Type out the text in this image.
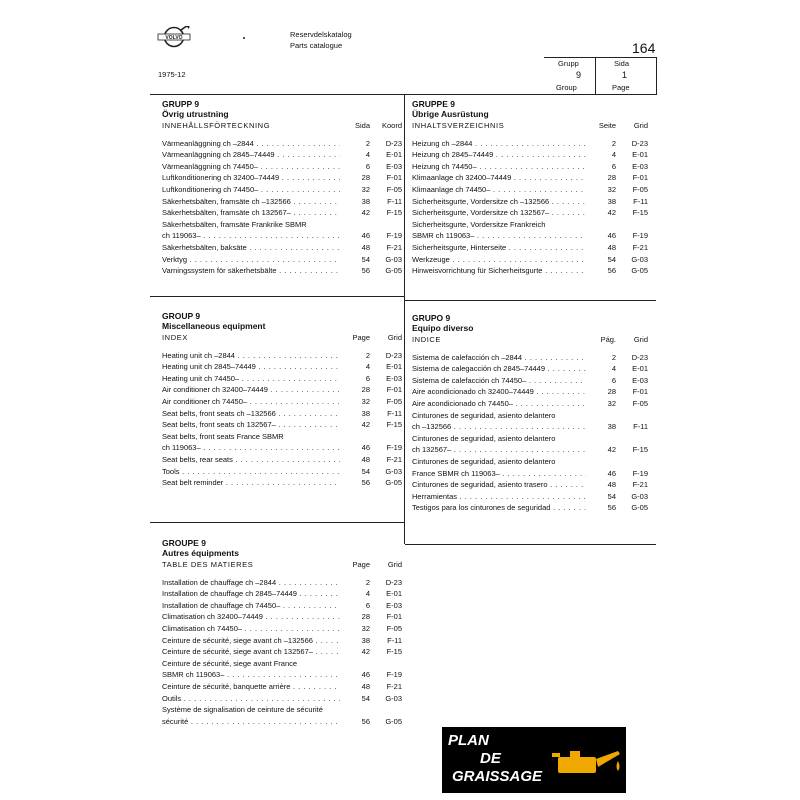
VOLVO	Reservdelskatalog
Parts catalogue	164
1975-12
Grupp	Sida
9	1
Group	Page
GRUPP 9
Övrig utrustning
INNEHÅLLSFÖRTECKNING	Sida	Koord
Värmeanläggning ch –2844 . . .	2	D-23
Värmeanläggning ch 2845–74449 . . .	4	E-01
Värmeanläggning ch 74450– . . .	6	E-03
Luftkonditionering ch 32400–74449 . . .	28	F-01
Luftkonditionering ch 74450– . . .	32	F-05
Säkerhetsbälten, framsäte ch –132566 . . .	38	F-11
Säkerhetsbälten, framsäte ch 132567– . . .	42	F-15
Säkerhetsbälten, framsäte Frankrike SBMR
ch 119063– . . .	46	F-19
Säkerhetsbälten, baksäte . . .	48	F-21
Verktyg . . .	54	G-03
Varningssystem för säkerhetsbälte . . .	56	G-05
GRUPPE 9
Übrige Ausrüstung
INHALTSVERZEICHNIS	Seite	Grid
Heizung ch –2844 . . .	2	D-23
Heizung ch 2845–74449 . . .	4	E-01
Heizung ch 74450– . . .	6	E-03
Klimaanlage ch 32400–74449 . . .	28	F-01
Klimaanlage ch 74450– . . .	32	F-05
Sicherheitsgurte, Vordersitze ch –132566 . . .	38	F-11
Sicherheitsgurte, Vordersitze ch 132567– . . .	42	F-15
Sicherheitsgurte, Vordersitze Frankreich
SBMR ch 119063– . . .	46	F-19
Sicherheitsgurte, Hinterseite . . .	48	F-21
Werkzeuge . . .	54	G-03
Hinweisvorrichtung für Sicherheitsgurte . . .	56	G-05
GROUP 9
Miscellaneous equipment
INDEX	Page	Grid
Heating unit ch –2844 . . .	2	D-23
Heating unit ch 2845–74449 . . .	4	E-01
Heating unit ch 74450– . . .	6	E-03
Air conditioner ch 32400–74449 . . .	28	F-01
Air conditioner ch 74450– . . .	32	F-05
Seat belts, front seats ch –132566 . . .	38	F-11
Seat belts, front seats ch 132567– . . .	42	F-15
Seat belts, front seats France SBMR
ch 119063– . . .	46	F-19
Seat belts, rear seats . . .	48	F-21
Tools . . .	54	G-03
Seat belt reminder . . .	56	G-05
GRUPO 9
Equipo diverso
INDICE	Pág.	Grid
Sistema de calefacción ch –2844 . . .	2	D-23
Sistema de calegacción ch 2845–74449 . . .	4	E-01
Sistema de calefacción ch 74450– . . .	6	E-03
Aire acondicionado ch 32400–74449 . . .	28	F-01
Aire acondicionado ch 74450– . . .	32	F-05
Cinturones de seguridad, asiento delantero
ch –132566 . . .	38	F-11
Cinturones de seguridad, asiento delantero
ch 132567– . . .	42	F-15
Cinturones de seguridad, asiento delantero
France SBMR ch 119063– . . .	46	F-19
Cinturones de seguridad, asiento trasero . . .	48	F-21
Herramientas . . .	54	G-03
Testigos para los cinturones de seguridad . . .	56	G-05
GROUPE 9
Autres équipments
TABLE DES MATIERES	Page	Grid
Installation de chauffage ch –2844 . . .	2	D-23
Installation de chauffage ch 2845–74449 . . .	4	E-01
Installation de chauffage ch 74450– . . .	6	E-03
Climatisation ch 32400–74449 . . .	28	F-01
Climatisation ch 74450– . . .	32	F-05
Ceinture de sécurité, siege avant ch –132566 . . .	38	F-11
Ceinture de sécurité, siege avant ch 132567– . . .	42	F-15
Ceinture de sécurité, siege avant France
SBMR ch 119063– . . .	46	F-19
Ceinture de sécurité, banquette arrière . . .	48	F-21
Outils . . .	54	G-03
Système de signalisation de ceinture de sécurité
sécurité . . .	56	G-05
PLAN
DE
GRAISSAGE
